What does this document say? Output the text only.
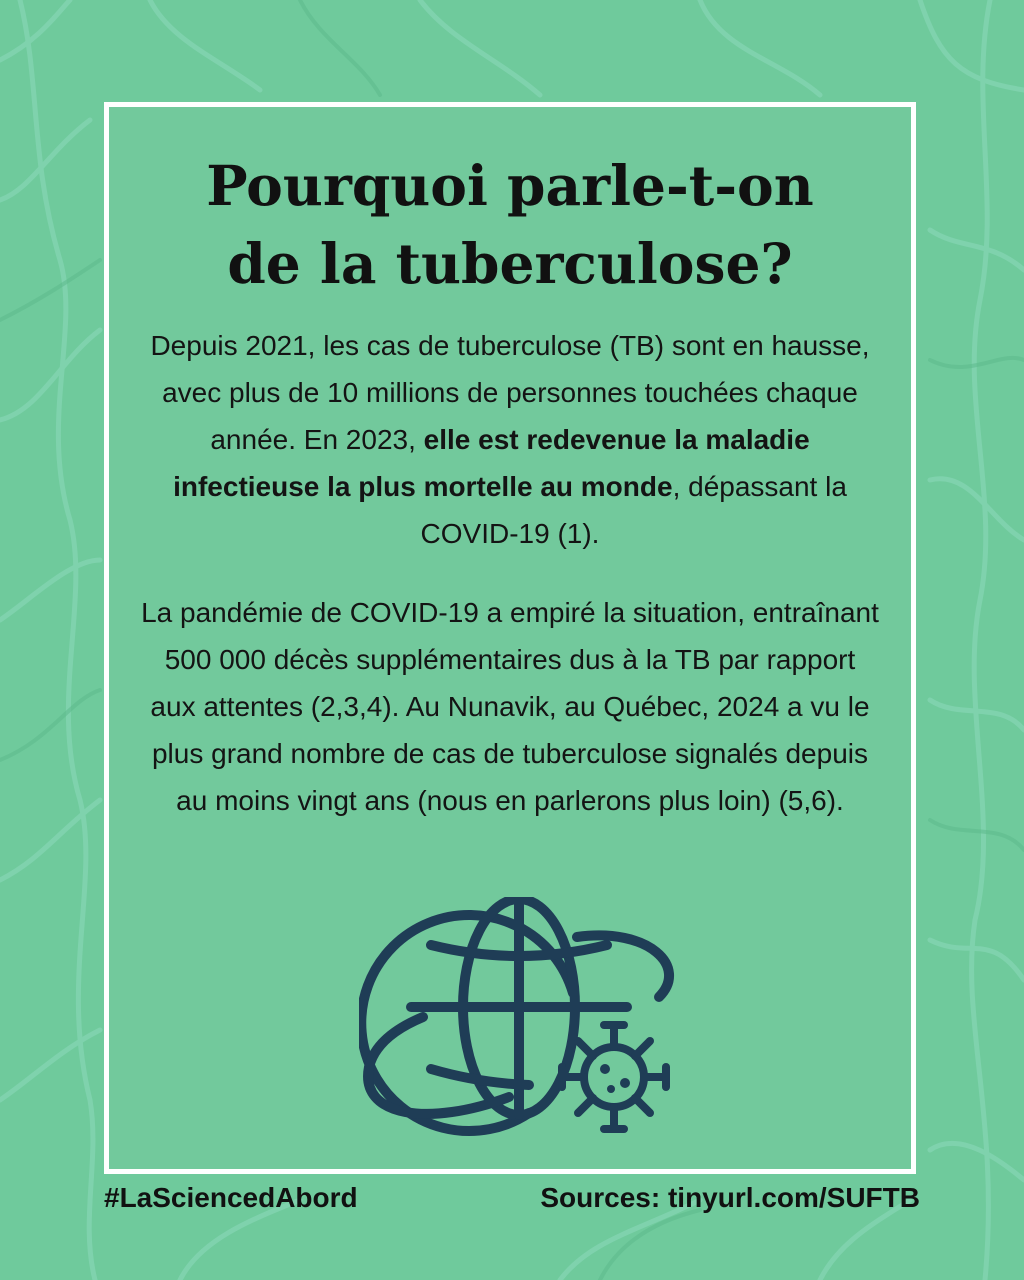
Pourquoi parle-t-on
de la tuberculose?

Depuis 2021, les cas de tuberculose (TB) sont en hausse, avec plus de 10 millions de personnes touchées chaque année. En 2023, elle est redevenue la maladie infectieuse la plus mortelle au monde, dépassant la COVID-19 (1).

La pandémie de COVID-19 a empiré la situation, entraînant 500 000 décès supplémentaires dus à la TB par rapport aux attentes (2,3,4). Au Nunavik, au Québec, 2024 a vu le plus grand nombre de cas de tuberculose signalés depuis au moins vingt ans (nous en parlerons plus loin) (5,6).

#LaSciencedAbord	Sources: tinyurl.com/SUFTB
